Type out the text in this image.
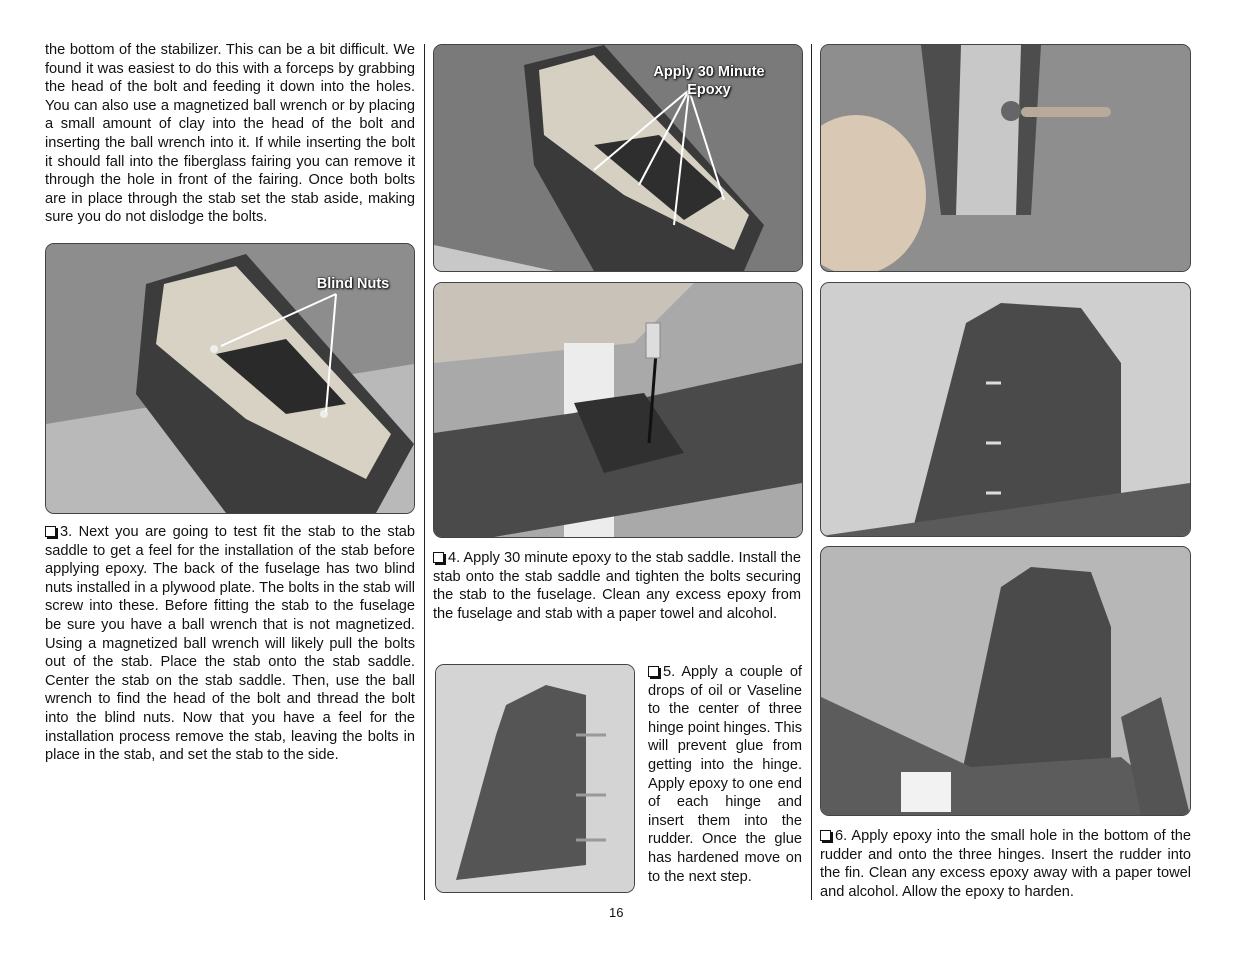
the bottom of the stabilizer. This can be a bit difficult. We found it was easiest to do this with a forceps by grabbing the head of the bolt and feeding it down into the holes. You can also use a magnetized ball wrench or by placing a small amount of clay into the head of the bolt and inserting the ball wrench into it. If while inserting the bolt it should fall into the fiberglass fairing you can remove it through the hole in front of the fairing. Once both bolts are in place through the stab set the stab aside, making sure you do not dislodge the bolts.

Blind Nuts

3. Next you are going to test fit the stab to the stab saddle to get a feel for the installation of the stab before applying epoxy. The back of the fuselage has two blind nuts installed in a plywood plate. The bolts in the stab will screw into these. Before fitting the stab to the fuselage be sure you have a ball wrench that is not magnetized. Using a magnetized ball wrench will likely pull the bolts out of the stab. Place the stab onto the stab saddle. Center the stab on the stab saddle. Then, use the ball wrench to find the head of the bolt and thread the bolt into the blind nuts. Now that you have a feel for the installation process remove the stab, leaving the bolts in place in the stab, and set the stab to the side.

Apply 30 Minute
Epoxy

4. Apply 30 minute epoxy to the stab saddle. Install the stab onto the stab saddle and tighten the bolts securing the stab to the fuselage. Clean any excess epoxy from the fuselage and stab with a paper towel and alcohol.

5. Apply a couple of drops of oil or Vaseline to the center of three hinge point hinges. This will prevent glue from getting into the hinge. Apply epoxy to one end of each hinge and insert them into the rudder. Once the glue has hardened move on to the next step.

6. Apply epoxy into the small hole in the bottom of the rudder and onto the three hinges. Insert the rudder into the fin. Clean any excess epoxy away with a paper towel and alcohol. Allow the epoxy to harden.

16
